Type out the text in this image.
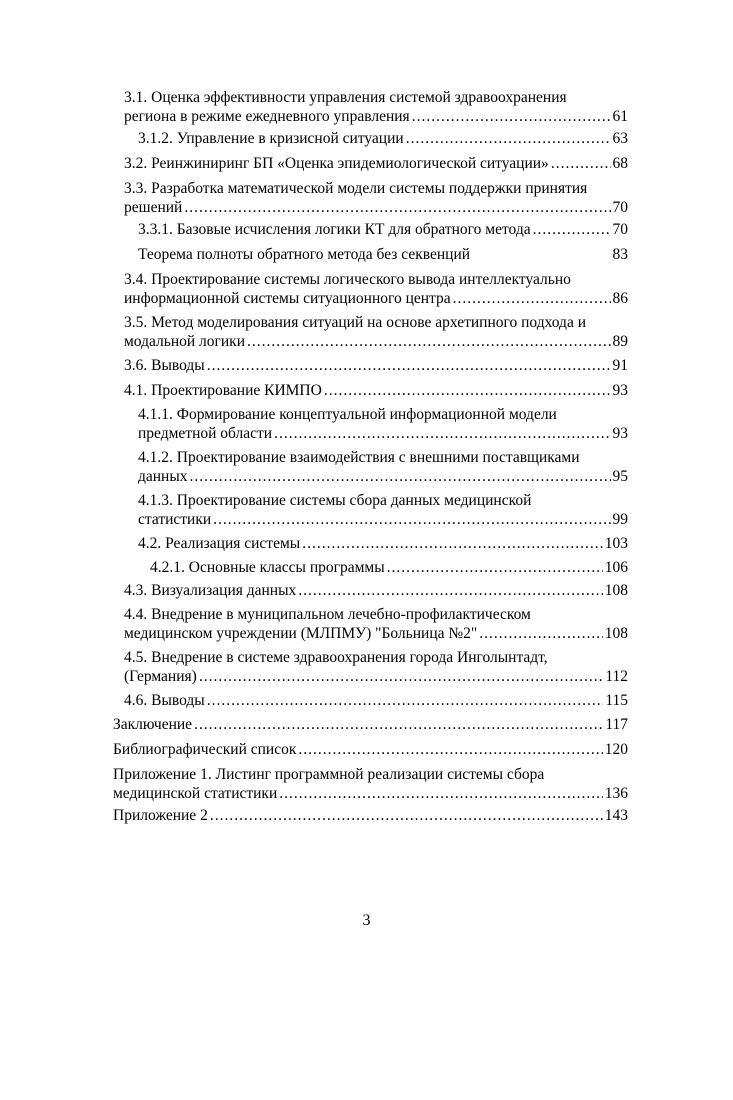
3.1. Оценка эффективности управления системой здравоохранения
региона в режиме ежедневного управления .....	61
3.1.2. Управление в кризисной ситуации .....	63
3.2. Реинжиниринг БП «Оценка эпидемиологической ситуации» .....	68
3.3. Разработка математической модели системы поддержки принятия
решений .....	70
3.3.1. Базовые исчисления логики КТ для обратного метода .....	70
Теорема полноты обратного метода без секвенций	83
3.4. Проектирование системы логического вывода интеллектуально
информационной системы ситуационного центра .....	86
3.5. Метод моделирования ситуаций на основе архетипного подхода и
модальной логики .....	89
3.6. Выводы .....	91
4.1. Проектирование КИМПО .....	93
4.1.1. Формирование концептуальной информационной модели
предметной области .....	93
4.1.2. Проектирование взаимодействия с внешними поставщиками
данных .....	95
4.1.3. Проектирование системы сбора данных медицинской
статистики .....	99
4.2. Реализация системы .....	103
4.2.1. Основные классы программы .....	106
4.3. Визуализация данных .....	108
4.4. Внедрение в муниципальном лечебно-профилактическом
медицинском учреждении (МЛПМУ) "Больница №2" .....	108
4.5. Внедрение в системе здравоохранения города Инголынтадт,
(Германия) .....	112
4.6. Выводы .....	115
Заключение .....	117
Библиографический список .....	120
Приложение 1. Листинг программной реализации системы сбора
медицинской статистики .....	136
Приложение 2 .....	143
3
